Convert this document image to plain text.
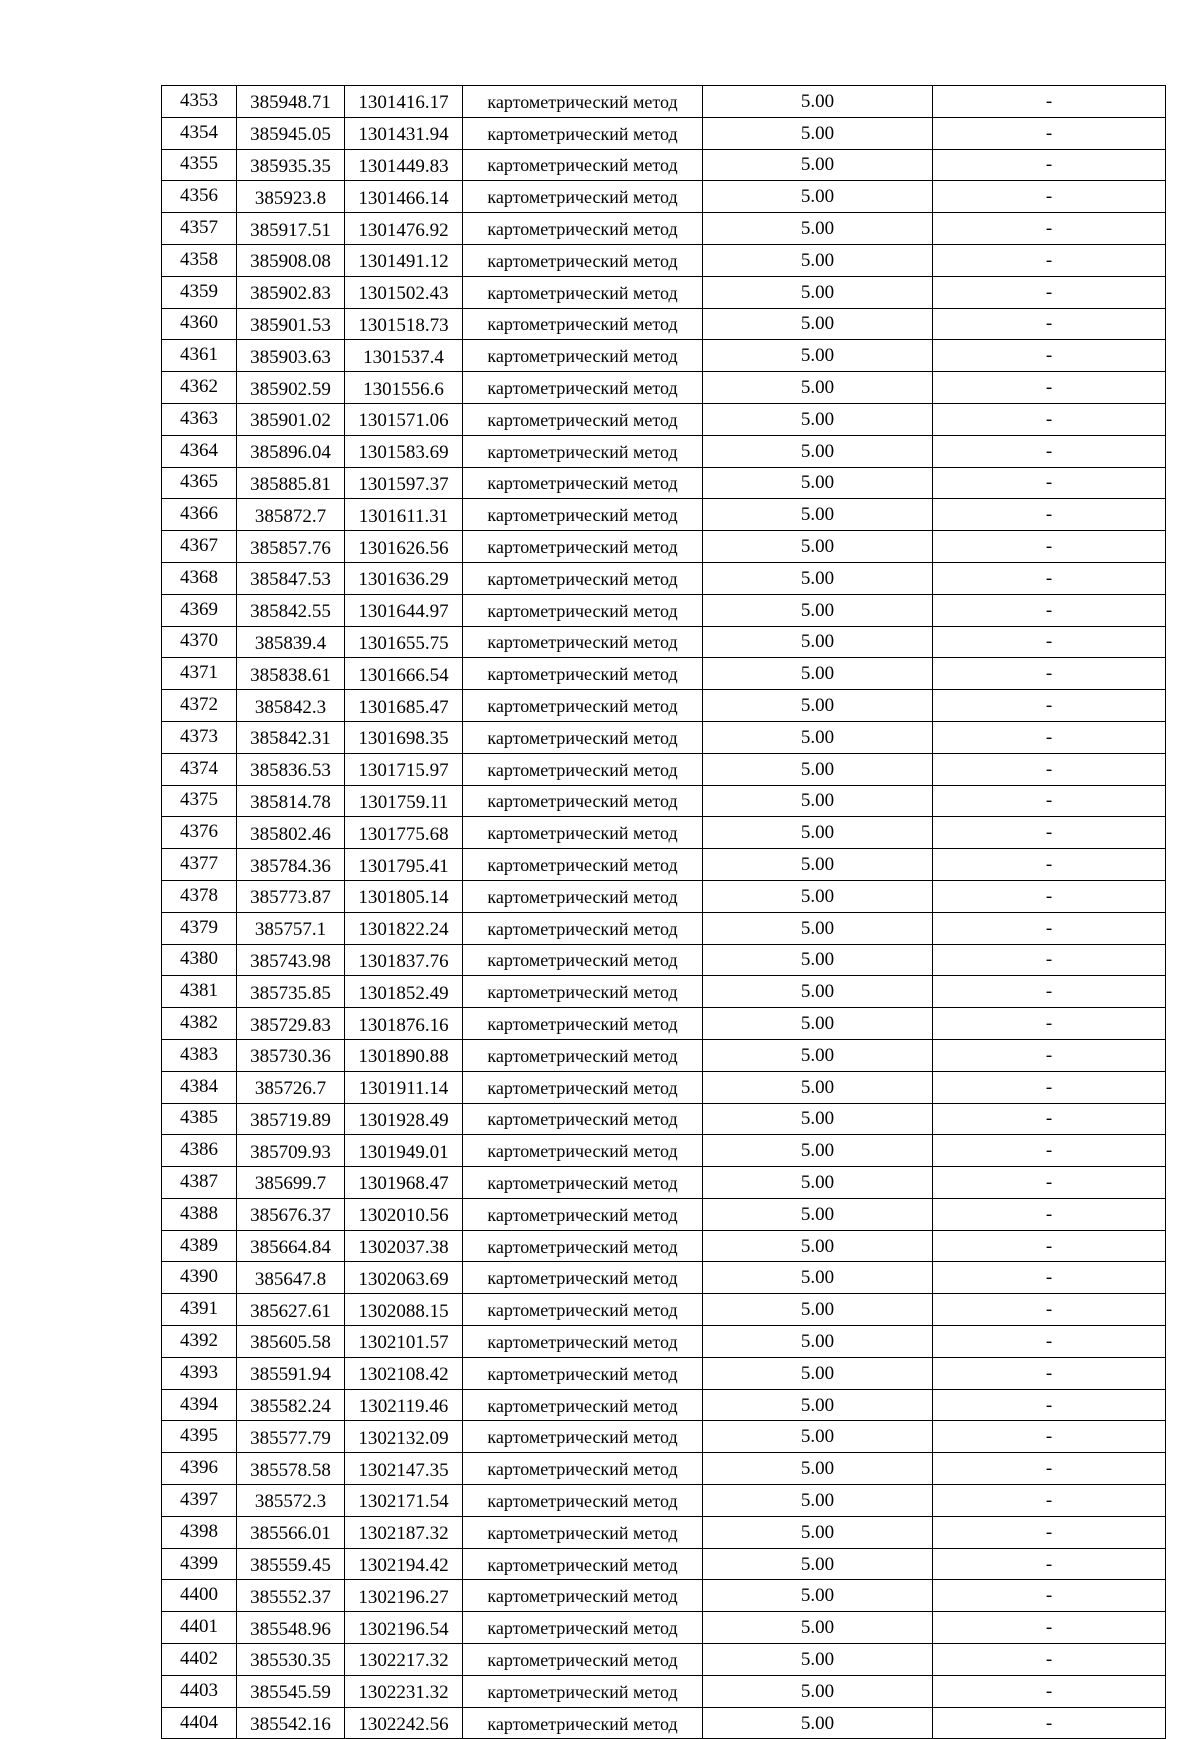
4353	385948.71	1301416.17	картометрический метод	5.00	-
4354	385945.05	1301431.94	картометрический метод	5.00	-
4355	385935.35	1301449.83	картометрический метод	5.00	-
4356	385923.8	1301466.14	картометрический метод	5.00	-
4357	385917.51	1301476.92	картометрический метод	5.00	-
4358	385908.08	1301491.12	картометрический метод	5.00	-
4359	385902.83	1301502.43	картометрический метод	5.00	-
4360	385901.53	1301518.73	картометрический метод	5.00	-
4361	385903.63	1301537.4	картометрический метод	5.00	-
4362	385902.59	1301556.6	картометрический метод	5.00	-
4363	385901.02	1301571.06	картометрический метод	5.00	-
4364	385896.04	1301583.69	картометрический метод	5.00	-
4365	385885.81	1301597.37	картометрический метод	5.00	-
4366	385872.7	1301611.31	картометрический метод	5.00	-
4367	385857.76	1301626.56	картометрический метод	5.00	-
4368	385847.53	1301636.29	картометрический метод	5.00	-
4369	385842.55	1301644.97	картометрический метод	5.00	-
4370	385839.4	1301655.75	картометрический метод	5.00	-
4371	385838.61	1301666.54	картометрический метод	5.00	-
4372	385842.3	1301685.47	картометрический метод	5.00	-
4373	385842.31	1301698.35	картометрический метод	5.00	-
4374	385836.53	1301715.97	картометрический метод	5.00	-
4375	385814.78	1301759.11	картометрический метод	5.00	-
4376	385802.46	1301775.68	картометрический метод	5.00	-
4377	385784.36	1301795.41	картометрический метод	5.00	-
4378	385773.87	1301805.14	картометрический метод	5.00	-
4379	385757.1	1301822.24	картометрический метод	5.00	-
4380	385743.98	1301837.76	картометрический метод	5.00	-
4381	385735.85	1301852.49	картометрический метод	5.00	-
4382	385729.83	1301876.16	картометрический метод	5.00	-
4383	385730.36	1301890.88	картометрический метод	5.00	-
4384	385726.7	1301911.14	картометрический метод	5.00	-
4385	385719.89	1301928.49	картометрический метод	5.00	-
4386	385709.93	1301949.01	картометрический метод	5.00	-
4387	385699.7	1301968.47	картометрический метод	5.00	-
4388	385676.37	1302010.56	картометрический метод	5.00	-
4389	385664.84	1302037.38	картометрический метод	5.00	-
4390	385647.8	1302063.69	картометрический метод	5.00	-
4391	385627.61	1302088.15	картометрический метод	5.00	-
4392	385605.58	1302101.57	картометрический метод	5.00	-
4393	385591.94	1302108.42	картометрический метод	5.00	-
4394	385582.24	1302119.46	картометрический метод	5.00	-
4395	385577.79	1302132.09	картометрический метод	5.00	-
4396	385578.58	1302147.35	картометрический метод	5.00	-
4397	385572.3	1302171.54	картометрический метод	5.00	-
4398	385566.01	1302187.32	картометрический метод	5.00	-
4399	385559.45	1302194.42	картометрический метод	5.00	-
4400	385552.37	1302196.27	картометрический метод	5.00	-
4401	385548.96	1302196.54	картометрический метод	5.00	-
4402	385530.35	1302217.32	картометрический метод	5.00	-
4403	385545.59	1302231.32	картометрический метод	5.00	-
4404	385542.16	1302242.56	картометрический метод	5.00	-
